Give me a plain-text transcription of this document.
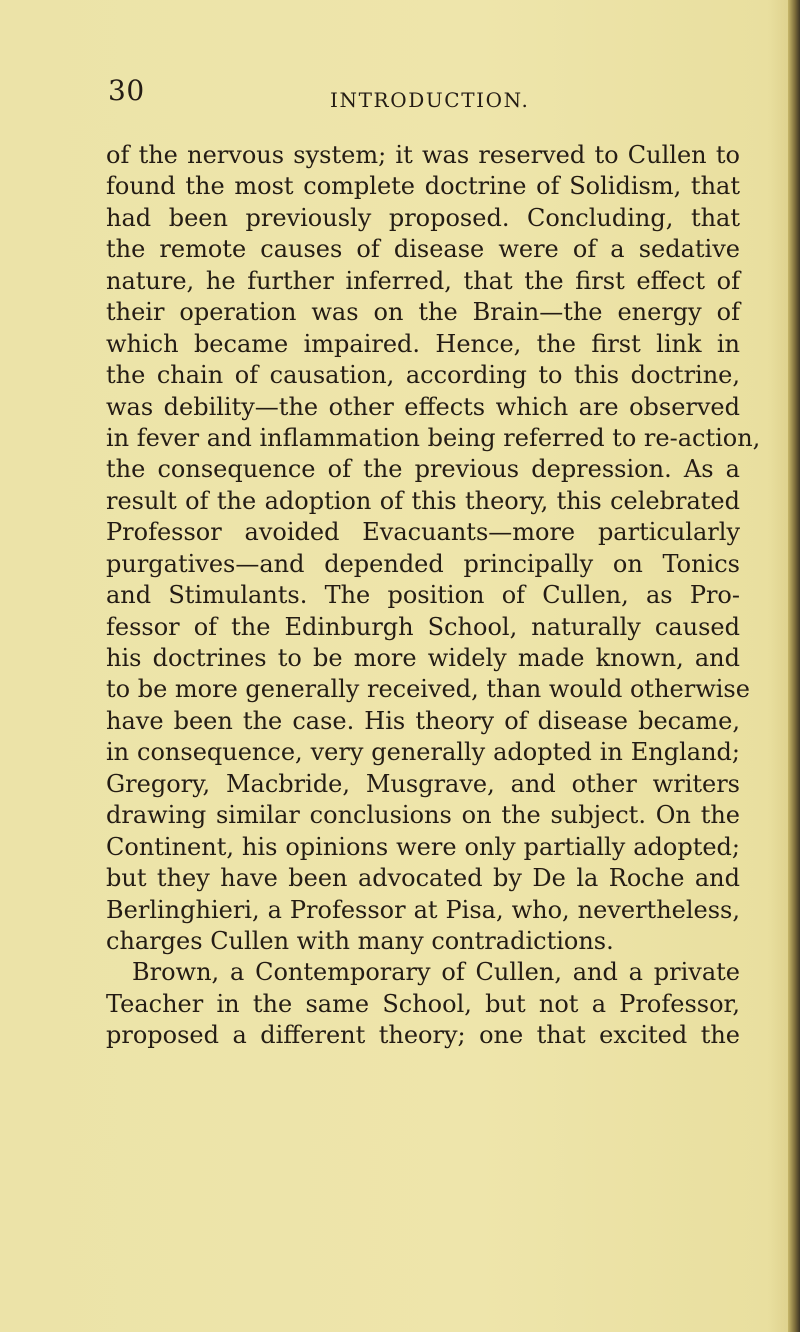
30	INTRODUCTION.
of the nervous system; it was reserved to Cullen to
found the most complete doctrine of Solidism, that
had been previously proposed. Concluding, that
the remote causes of disease were of a sedative
nature, he further inferred, that the first effect of
their operation was on the Brain—the energy of
which became impaired. Hence, the first link in
the chain of causation, according to this doctrine,
was debility—the other effects which are observed
in fever and inflammation being referred to re-action,
the consequence of the previous depression. As a
result of the adoption of this theory, this celebrated
Professor avoided Evacuants—more particularly
purgatives—and depended principally on Tonics
and Stimulants. The position of Cullen, as Pro-
fessor of the Edinburgh School, naturally caused
his doctrines to be more widely made known, and
to be more generally received, than would otherwise
have been the case. His theory of disease became,
in consequence, very generally adopted in England;
Gregory, Macbride, Musgrave, and other writers
drawing similar conclusions on the subject. On the
Continent, his opinions were only partially adopted;
but they have been advocated by De la Roche and
Berlinghieri, a Professor at Pisa, who, nevertheless,
charges Cullen with many contradictions.
Brown, a Contemporary of Cullen, and a private
Teacher in the same School, but not a Professor,
proposed a different theory; one that excited the
